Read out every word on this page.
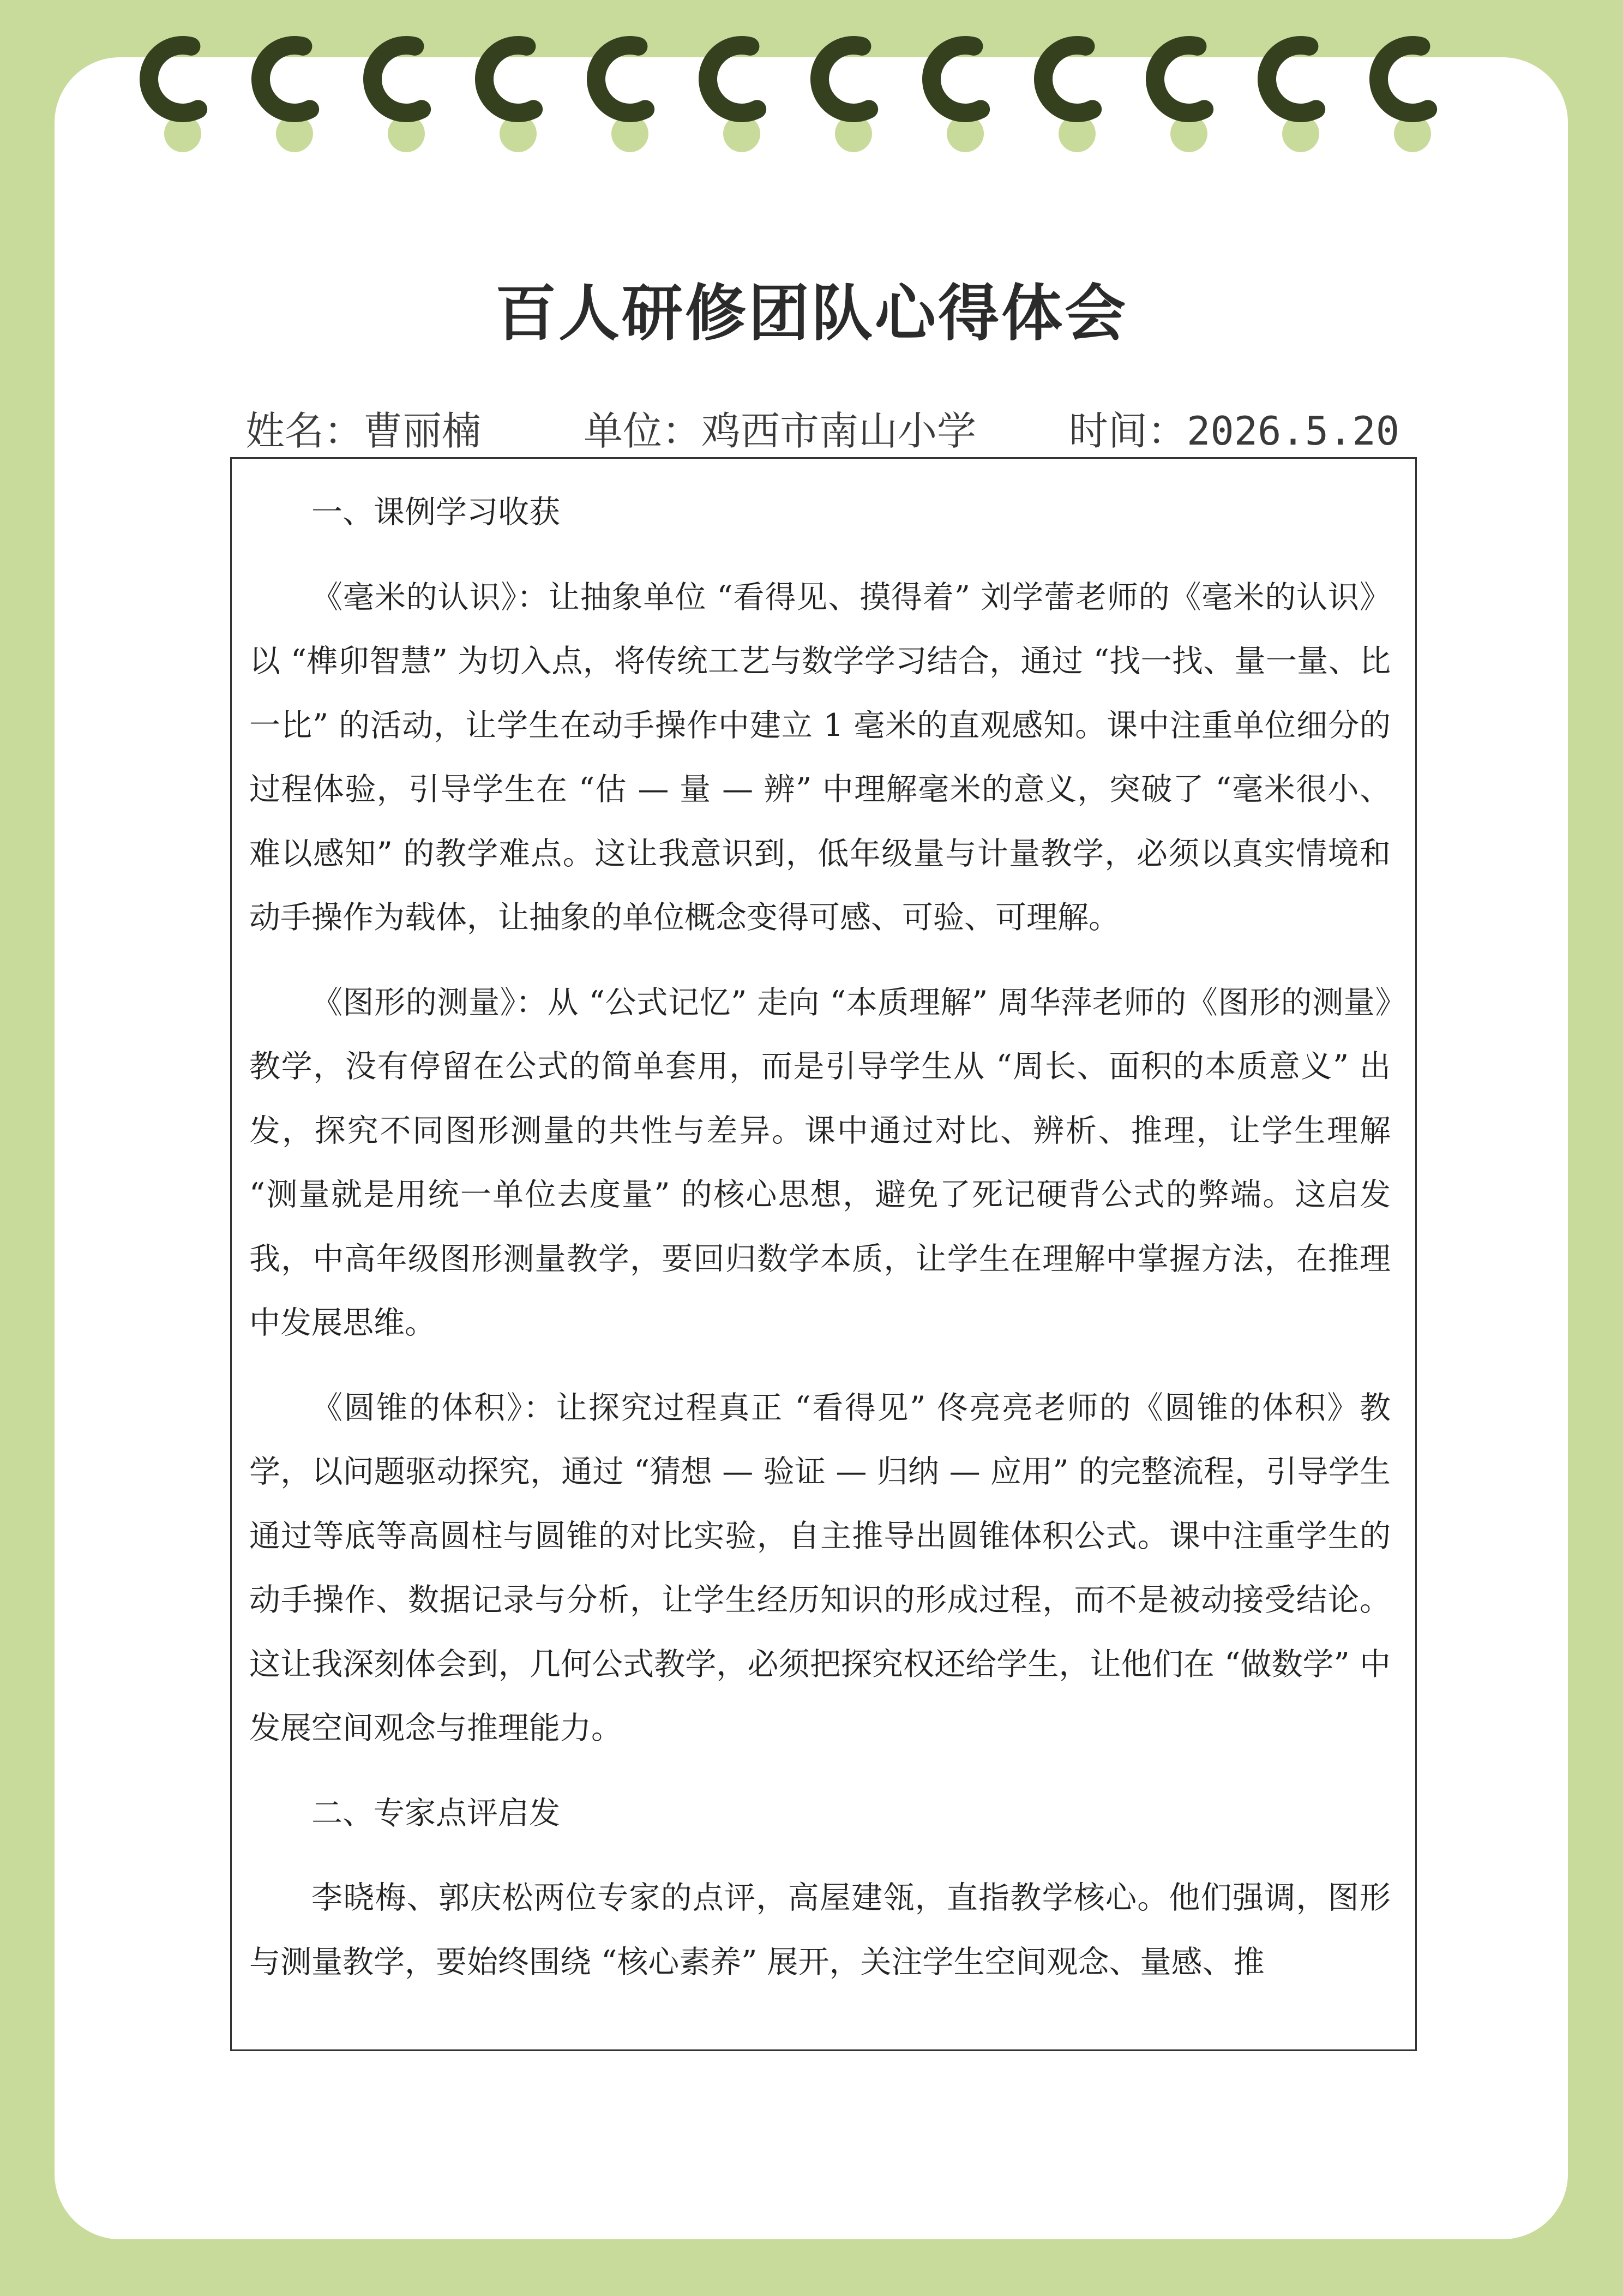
百人研修团队心得体会
姓名：曹丽楠	单位：鸡西市南山小学 时间：2026.5.20

一、课例学习收获

《毫米的认识》：让抽象单位 “看得见、摸得着” 刘学蕾老师的《毫米的认识》以 “榫卯智慧” 为切入点，将传统工艺与数学学习结合，通过 “找一找、量一量、比一比” 的活动，让学生在动手操作中建立 1 毫米的直观感知。课中注重单位细分的过程体验，引导学生在 “估 — 量 — 辨” 中理解毫米的意义，突破了 “毫米很小、难以感知” 的教学难点。这让我意识到，低年级量与计量教学，必须以真实情境和动手操作为载体，让抽象的单位概念变得可感、可验、可理解。

《图形的测量》：从 “公式记忆” 走向 “本质理解” 周华萍老师的《图形的测量》教学，没有停留在公式的简单套用，而是引导学生从 “周长、面积的本质意义” 出发，探究不同图形测量的共性与差异。课中通过对比、辨析、推理，让学生理解 “测量就是用统一单位去度量” 的核心思想，避免了死记硬背公式的弊端。这启发我，中高年级图形测量教学，要回归数学本质，让学生在理解中掌握方法，在推理中发展思维。

《圆锥的体积》：让探究过程真正 “看得见” 佟亮亮老师的《圆锥的体积》教学，以问题驱动探究，通过 “猜想 — 验证 — 归纳 — 应用” 的完整流程，引导学生通过等底等高圆柱与圆锥的对比实验，自主推导出圆锥体积公式。课中注重学生的动手操作、数据记录与分析，让学生经历知识的形成过程，而不是被动接受结论。这让我深刻体会到，几何公式教学，必须把探究权还给学生，让他们在 “做数学” 中发展空间观念与推理能力。

二、专家点评启发

李晓梅、郭庆松两位专家的点评，高屋建瓴，直指教学核心。他们强调，图形与测量教学，要始终围绕 “核心素养” 展开，关注学生空间观念、量感、推
